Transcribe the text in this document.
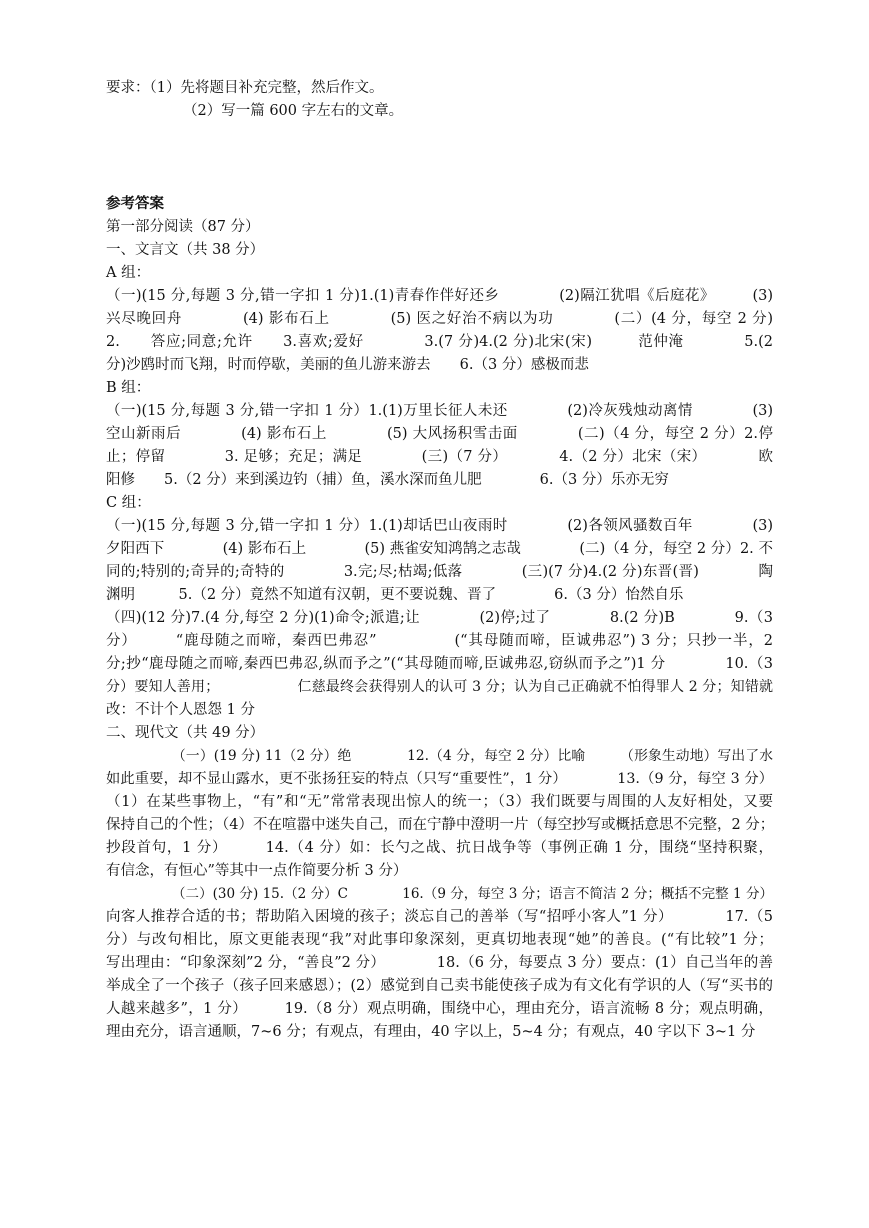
要求：（1）先将题目补充完整，然后作文。
（2）写一篇 600 字左右的文章。
参考答案
第一部分阅读（87 分）
一、文言文（共 38 分）
A 组：
（一)(15 分,每题 3 分,错一字扣 1 分)1.(1)青春作伴好还乡　　　　(2)隔江犹唱《后庭花》　　　(3)
兴尽晚回舟　　　　(4) 影布石上　　　　(5) 医之好治不病以为功　　　　(二）(4 分，每空 2 分)
2.　　答应;同意;允许　　3.喜欢;爱好　　　　3.(7 分)4.(2 分)北宋(宋)　　　范仲淹　　　　5.(2
分)沙鸥时而飞翔，时而停歇，美丽的鱼儿游来游去　　6.（3 分）感极而悲
B 组：
（一)(15 分,每题 3 分,错一字扣 1 分）1.(1)万里长征人未还　　　　(2)冷灰残烛动离情　　　　(3)
空山新雨后　　　　(4) 影布石上　　　　(5) 大风扬积雪击面　　　　(二)（4 分，每空 2 分）2.停
止；停留　　　　3. 足够；充足；满足　　　　(三)（7 分）　　　　4.（2 分）北宋（宋）　　　　欧
阳修　　5.（2 分）来到溪边钓（捕）鱼，溪水深而鱼儿肥　　　　6.（3 分）乐亦无穷
C 组：
（一)(15 分,每题 3 分,错一字扣 1 分）1.(1)却话巴山夜雨时　　　　(2)各领风骚数百年　　　　(3)
夕阳西下　　　　(4) 影布石上　　　　(5) 燕雀安知鸿鹄之志哉　　　　(二)（4 分，每空 2 分）2. 不
同的;特别的;奇异的;奇特的　　　　3.完;尽;枯竭;低落　　　　(三)(7 分)4.(2 分)东晋(晋)　　　　陶
渊明　　　5.（2 分）竟然不知道有汉朝，更不要说魏、晋了　　　　6.（3 分）怡然自乐
（四)(12 分)7.(4 分,每空 2 分)(1)命令;派遣;让　　　　(2)停;过了　　　　8.(2 分)B　　　　9.（3
分）　　　“鹿母随之而啼，秦西巴弗忍”　　　　　(“其母随而啼，臣诚弗忍”) 3 分；只抄一半，2
分;抄“鹿母随之而啼,秦西巴弗忍,纵而予之”(“其母随而啼,臣诚弗忍,窃纵而予之”)1 分　　　　10.（3
分）要知人善用；　　　　　　仁慈最终会获得别人的认可 3 分；认为自己正确就不怕得罪人 2 分；知错就
改：不计个人恩怨 1 分
二、现代文（共 49 分）
（一）(19 分) 11（2 分）绝　　　　12.（4 分，每空 2 分）比喻　　　（形象生动地）写出了水
如此重要，却不显山露水，更不张扬狂妄的特点（只写“重要性”，1 分）　　　　13.（9 分，每空 3 分）
（1）在某些事物上，“有”和“无”常常表现出惊人的统一；（3）我们既要与周围的人友好相处，又要
保持自己的个性；（4）不在喧嚣中迷失自己，而在宁静中澄明一片（每空抄写或概括意思不完整，2 分；
抄段首句，1 分）　　　14.（4 分）如：长勺之战、抗日战争等（事例正确 1 分，围绕“坚持积聚，
有信念，有恒心”等其中一点作简要分析 3 分）
（二）(30 分) 15.（2 分）C　　　　16.（9 分，每空 3 分；语言不简洁 2 分；概括不完整 1 分）
向客人推荐合适的书；帮助陷入困境的孩子；淡忘自己的善举（写“招呼小客人”1 分）　　　　17.（5
分）与改句相比，原文更能表现“我”对此事印象深刻，更真切地表现“她”的善良。(“有比较”1 分；
写出理由：“印象深刻”2 分，“善良”2 分）　　　　18.（6 分，每要点 3 分）要点：(1）自己当年的善
举成全了一个孩子（孩子回来感恩）；(2）感觉到自己卖书能使孩子成为有文化有学识的人（写“买书的
人越来越多”，1 分）　　　19.（8 分）观点明确，围绕中心，理由充分，语言流畅 8 分；观点明确，
理由充分，语言通顺，7~6 分；有观点，有理由，40 字以上，5~4 分；有观点，40 字以下 3~1 分
